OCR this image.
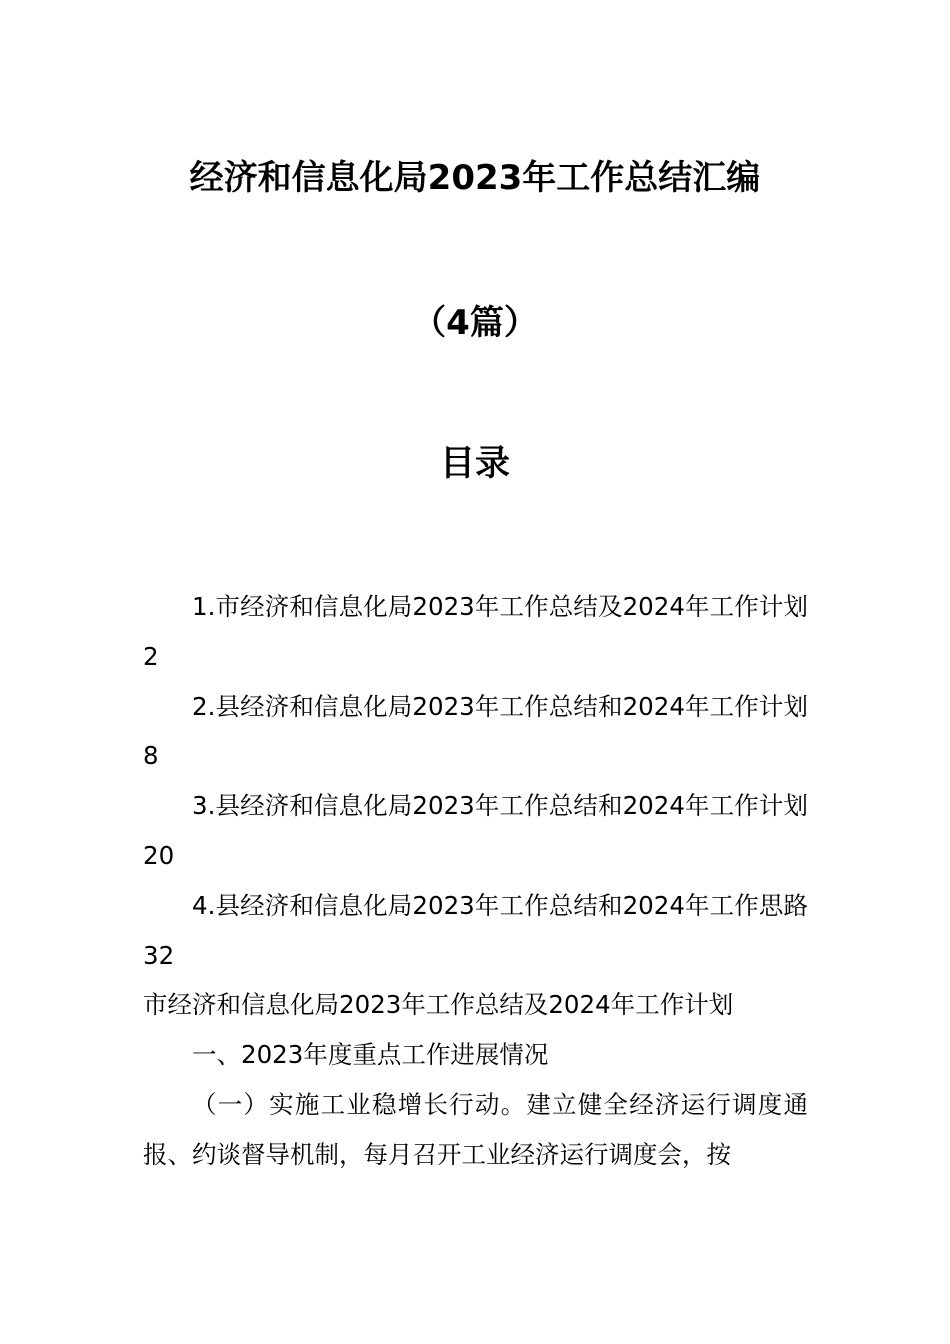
经济和信息化局2023年工作总结汇编
（4篇）
目录

1.市经济和信息化局2023年工作总结及2024年工作计划2

2.县经济和信息化局2023年工作总结和2024年工作计划8

3.县经济和信息化局2023年工作总结和2024年工作计划20

4.县经济和信息化局2023年工作总结和2024年工作思路32

市经济和信息化局2023年工作总结及2024年工作计划

一、2023年度重点工作进展情况

（一）实施工业稳增长行动。建立健全经济运行调度通报、约谈督导机制，每月召开工业经济运行调度会，按
